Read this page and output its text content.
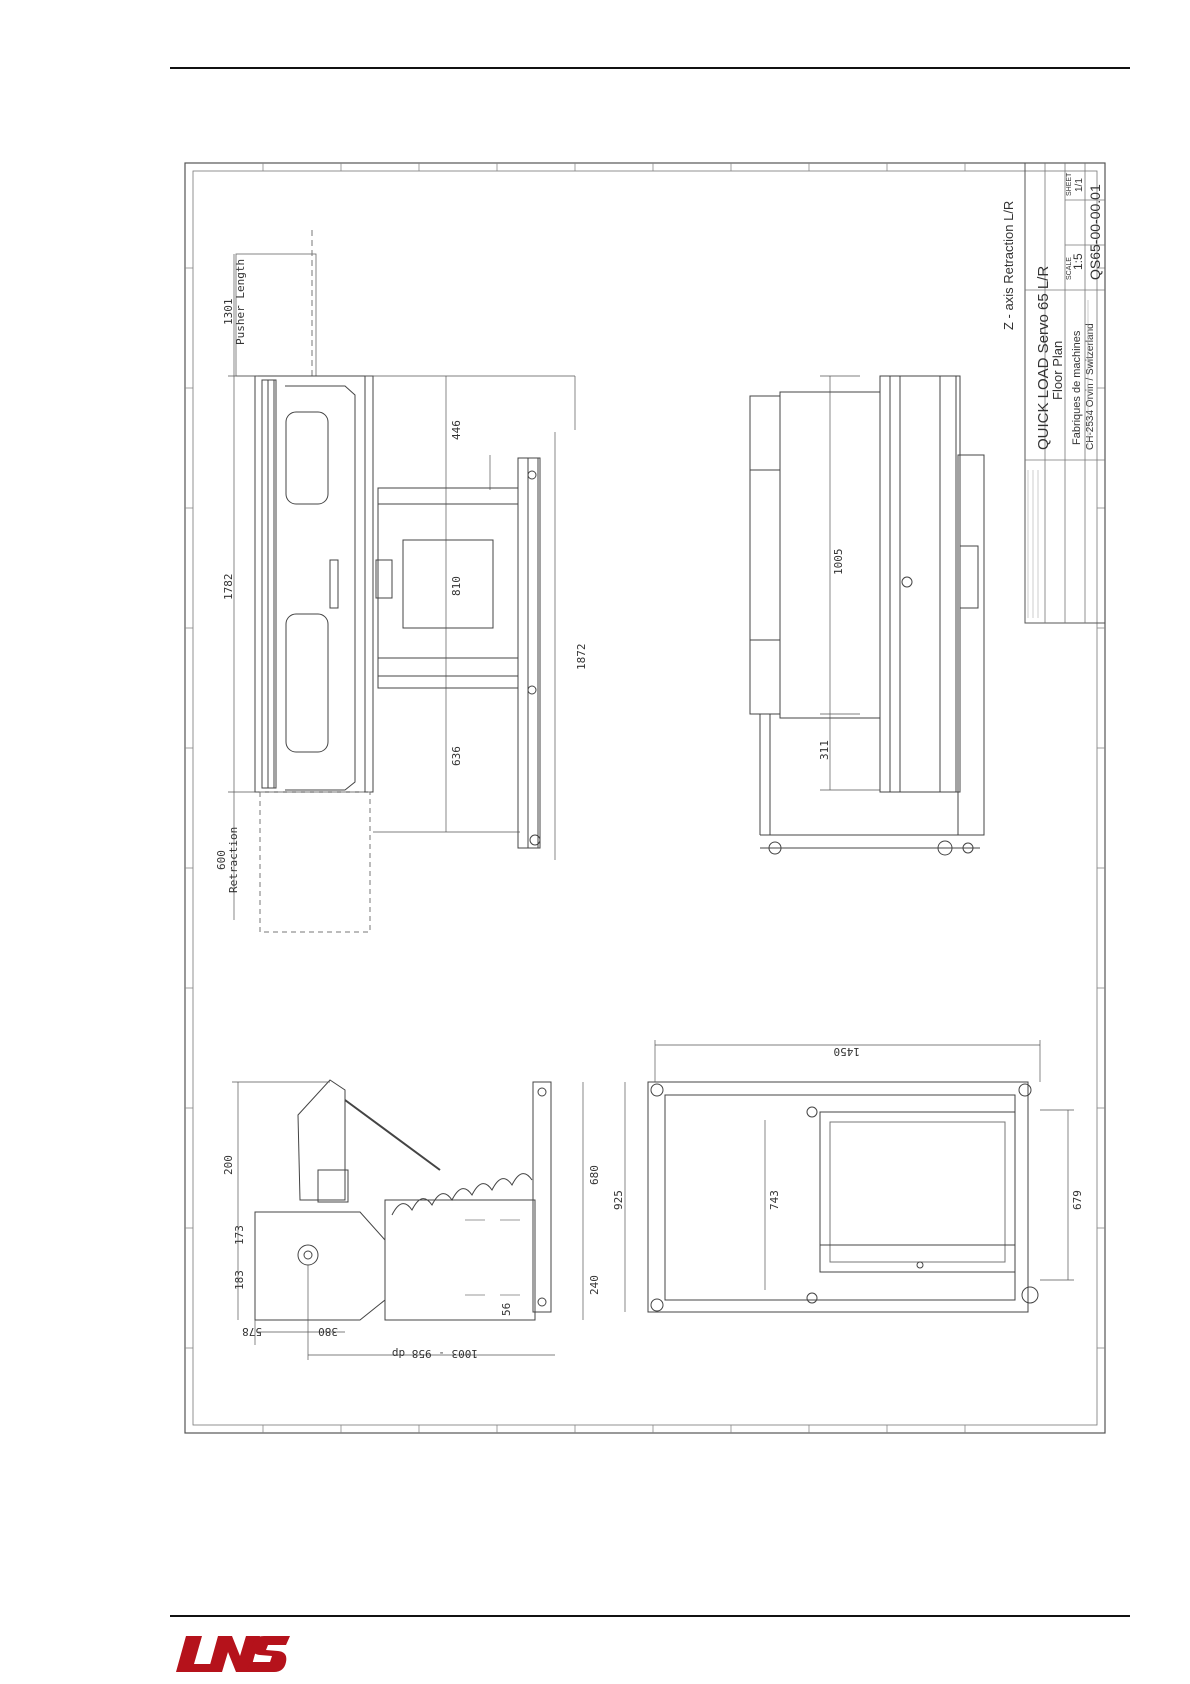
QUICK LOAD Servo 65 L/R
Floor Plan
Z - axis Retraction L/R
Fabriques de machines CH-2534 Orvin / Switzerland
QS65-00-00.01
SCALE
1:5
SHEET 1/1
1301 Pusher Length
1782
600 Retraction
446
810
636
1872
1005
311
200
173
183
578	380
680
240
56
1003 - 958 dp
1450
743
925	679
